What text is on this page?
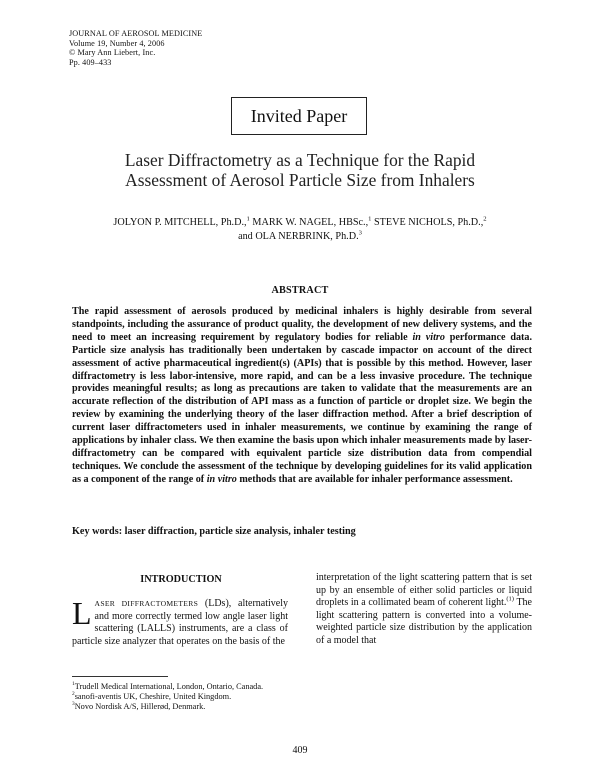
JOURNAL OF AEROSOL MEDICINE
Volume 19, Number 4, 2006
© Mary Ann Liebert, Inc.
Pp. 409–433
Invited Paper
Laser Diffractometry as a Technique for the Rapid
Assessment of Aerosol Particle Size from Inhalers
JOLYON P. MITCHELL, Ph.D.,$^1$ MARK W. NAGEL, HBSc.,$^1$ STEVE NICHOLS, Ph.D.,$^2$
and OLA NERBRINK, Ph.D.$^3$
ABSTRACT
The rapid assessment of aerosols produced by medicinal inhalers is highly desirable from several standpoints, including the assurance of product quality, the development of new delivery systems, and the need to meet an increasing requirement by regulatory bodies for reliable in vitro performance data. Particle size analysis has traditionally been undertaken by cascade impactor on account of the direct assessment of active pharmaceutical ingredient(s) (APIs) that is possible by this method. However, laser diffractometry is less labor-intensive, more rapid, and can be a less invasive procedure. The technique provides meaningful results; as long as precautions are taken to validate that the measurements are an accurate reflection of the distribution of API mass as a function of particle or droplet size. We begin the review by examining the underlying theory of the laser diffraction method. After a brief description of current laser diffractometers used in inhaler measurements, we continue by examining the range of applications by inhaler class. We then examine the basis upon which inhaler measurements made by laser-diffractometry can be compared with equivalent particle size distribution data from compendial techniques. We conclude the assessment of the technique by developing guidelines for its valid application as a component of the range of in vitro methods that are available for inhaler performance assessment.
Key words: laser diffraction, particle size analysis, inhaler testing
INTRODUCTION
LASER DIFFRACTOMETERS (LDs), alternatively and more correctly termed low angle laser light scattering (LALLS) instruments, are a class of particle size analyzer that operates on the basis of the
interpretation of the light scattering pattern that is set up by an ensemble of either solid particles or liquid droplets in a collimated beam of coherent light.$^{(1)}$ The light scattering pattern is converted into a volume-weighted particle size distribution by the application of a model that
$^1$Trudell Medical International, London, Ontario, Canada.
$^2$sanofi-aventis UK, Cheshire, United Kingdom.
$^3$Novo Nordisk A/S, Hillerød, Denmark.
409
